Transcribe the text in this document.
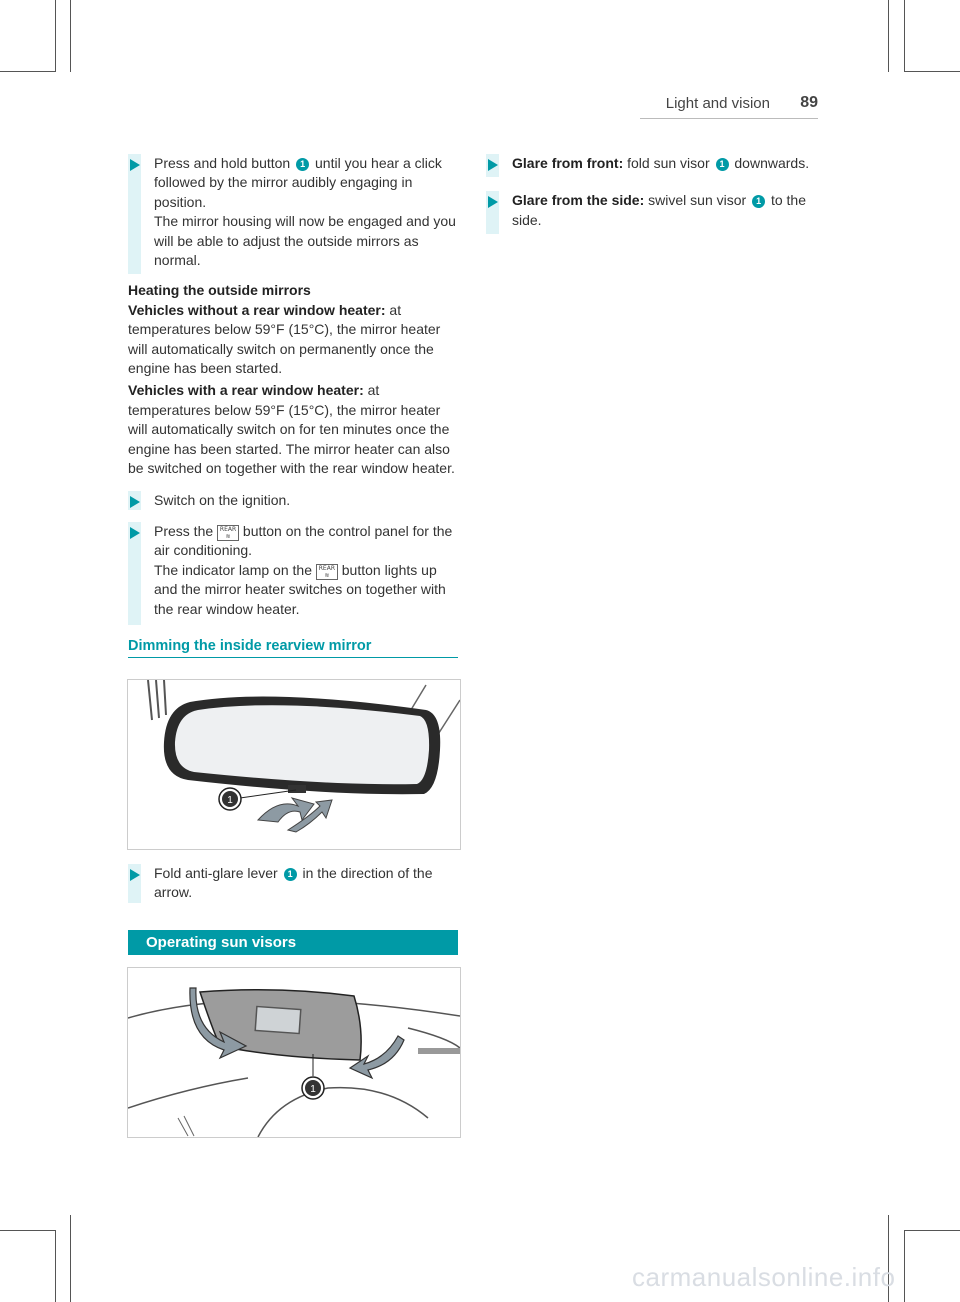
Light and vision 89
Press and hold button 1 until you hear a click followed by the mirror audibly engaging in position.
The mirror housing will now be engaged and you will be able to adjust the outside mirrors as normal.
Heating the outside mirrors
Vehicles without a rear window heater: at temperatures below 59°F (15°C), the mirror heater will automatically switch on permanently once the engine has been started.
Vehicles with a rear window heater: at temperatures below 59°F (15°C), the mirror heater will automatically switch on for ten minutes once the engine has been started. The mirror heater can also be switched on together with the rear window heater.
Switch on the ignition.
Press the REAR
≋ button on the control panel for the air conditioning.
The indicator lamp on the REAR
≋ button lights up and the mirror heater switches on together with the rear window heater.
Dimming the inside rearview mirror
1
Fold anti-glare lever 1 in the direction of the arrow.
Operating sun visors
1
Glare from front: fold sun visor 1 downwards.
Glare from the side: swivel sun visor 1 to the side.
carmanualsonline.info
